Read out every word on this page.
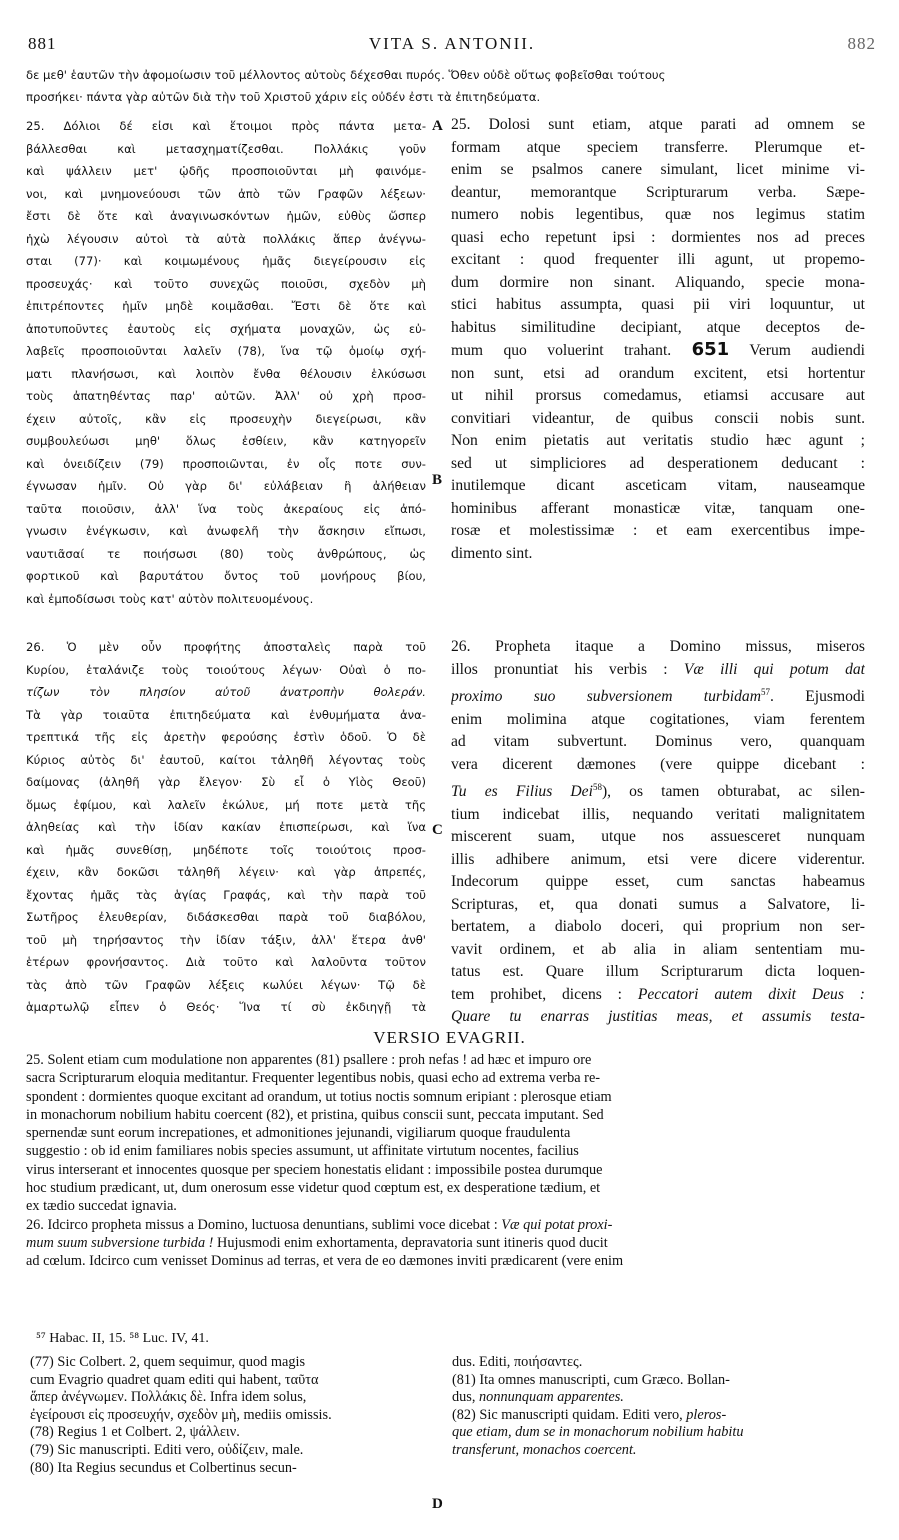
881	VITA S. ANTONII.	882
δε μεθ' ἑαυτῶν τὴν ἀφομοίωσιν τοῦ μέλλοντος αὐτοὺς δέχεσθαι πυρός. Ὅθεν οὐδὲ οὕτως φοβεῖσθαι τούτους
προσήκει· πάντα γὰρ αὐτῶν διὰ τὴν τοῦ Χριστοῦ χάριν εἰς οὐδέν ἐστι τὰ ἐπιτηδεύματα.
25. Δόλιοι δέ εἰσι καὶ ἕτοιμοι πρὸς πάντα μετα-
βάλλεσθαι καὶ μετασχηματίζεσθαι. Πολλάκις γοῦν
καὶ ψάλλειν μετ' ᾠδῆς προσποιοῦνται μὴ φαινόμε-
νοι, καὶ μνημονεύουσι τῶν ἀπὸ τῶν Γραφῶν λέξεων·
ἔστι δὲ ὅτε καὶ ἀναγινωσκόντων ἡμῶν, εὐθὺς ὥσπερ
ἠχὼ λέγουσιν αὐτοὶ τὰ αὐτὰ πολλάκις ἅπερ ἀνέγνω-
σται (77)· καὶ κοιμωμένους ἡμᾶς διεγείρουσιν εἰς
προσευχάς· καὶ τοῦτο συνεχῶς ποιοῦσι, σχεδὸν μὴ
ἐπιτρέποντες ἡμῖν μηδὲ κοιμᾶσθαι. Ἔστι δὲ ὅτε καὶ
ἀποτυποῦντες ἑαυτοὺς εἰς σχήματα μοναχῶν, ὡς εὐ-
λαβεῖς προσποιοῦνται λαλεῖν (78), ἵνα τῷ ὁμοίῳ σχή-
ματι πλανήσωσι, καὶ λοιπὸν ἔνθα θέλουσιν ἑλκύσωσι
τοὺς ἀπατηθέντας παρ' αὐτῶν. Ἀλλ' οὐ χρὴ προσ-
έχειν αὐτοῖς, κἂν εἰς προσευχὴν διεγείρωσι, κἂν
συμβουλεύωσι μηθ' ὅλως ἐσθίειν, κἂν κατηγορεῖν
καὶ ὀνειδίζειν (79) προσποιῶνται, ἐν οἷς ποτε συν-
έγνωσαν ἡμῖν. Οὐ γὰρ δι' εὐλάβειαν ἢ ἀλήθειαν
ταῦτα ποιοῦσιν, ἀλλ' ἵνα τοὺς ἀκεραίους εἰς ἀπό-
γνωσιν ἐνέγκωσιν, καὶ ἀνωφελῆ τὴν ἄσκησιν εἴπωσι,
ναυτιᾶσαί τε ποιήσωσι (80) τοὺς ἀνθρώπους, ὡς
φορτικοῦ καὶ βαρυτάτου ὄντος τοῦ μονήρους βίου,
καὶ ἐμποδίσωσι τοὺς κατ' αὐτὸν πολιτευομένους.
26. Ὁ μὲν οὖν προφήτης ἀποσταλεὶς παρὰ τοῦ
Κυρίου, ἐταλάνιζε τοὺς τοιούτους λέγων· Οὐαὶ ὁ πο-
τίζων τὸν πλησίον αὐτοῦ ἀνατροπὴν θολεράν.
Τὰ γὰρ τοιαῦτα ἐπιτηδεύματα καὶ ἐνθυμήματα ἀνα-
τρεπτικά τῆς εἰς ἀρετὴν φερούσης ἐστὶν ὁδοῦ. Ὁ δὲ
Κύριος αὐτὸς δι' ἑαυτοῦ, καίτοι τἀληθῆ λέγοντας τοὺς
δαίμονας (ἀληθῆ γὰρ ἔλεγον· Σὺ εἶ ὁ Υἱὸς Θεοῦ)
ὅμως ἐφίμου, καὶ λαλεῖν ἐκώλυε, μή ποτε μετὰ τῆς
ἀληθείας καὶ τὴν ἰδίαν κακίαν ἐπισπείρωσι, καὶ ἵνα
καὶ ἡμᾶς συνεθίσῃ, μηδέποτε τοῖς τοιούτοις προσ-
έχειν, κἂν δοκῶσι τἀληθῆ λέγειν· καὶ γὰρ ἀπρεπές,
ἔχοντας ἡμᾶς τὰς ἁγίας Γραφάς, καὶ τὴν παρὰ τοῦ
Σωτῆρος ἐλευθερίαν, διδάσκεσθαι παρὰ τοῦ διαβόλου,
τοῦ μὴ τηρήσαντος τὴν ἰδίαν τάξιν, ἀλλ' ἕτερα ἀνθ'
ἑτέρων φρονήσαντος. Διὰ τοῦτο καὶ λαλοῦντα τοῦτον
τὰς ἀπὸ τῶν Γραφῶν λέξεις κωλύει λέγων· Τῷ δὲ
ἁμαρτωλῷ εἶπεν ὁ Θεός· Ἵνα τί σὺ ἐκδιηγῇ τὰ
A
B
C
D
25. Dolosi sunt etiam, atque parati ad omnem se
formam atque speciem transferre. Plerumque et-
enim se psalmos canere simulant, licet minime vi-
deantur, memorantque Scripturarum verba. Sæpe-
numero nobis legentibus, quæ nos legimus statim
quasi echo repetunt ipsi : dormientes nos ad preces
excitant : quod frequenter illi agunt, ut propemo-
dum dormire non sinant. Aliquando, specie mona-
stici habitus assumpta, quasi pii viri loquuntur, ut
habitus similitudine decipiant, atque deceptos de-
mum quo voluerint trahant. 651 Verum audiendi
non sunt, etsi ad orandum excitent, etsi hortentur
ut nihil prorsus comedamus, etiamsi accusare aut
convitiari videantur, de quibus conscii nobis sunt.
Non enim pietatis aut veritatis studio hæc agunt ;
sed ut simpliciores ad desperationem deducant :
inutilemque dicant asceticam vitam, nauseamque
hominibus afferant monasticæ vitæ, tanquam one-
rosæ et molestissimæ : et eam exercentibus impe-
dimento sint.
26. Propheta itaque a Domino missus, miseros
illos pronuntiat his verbis : Væ illi qui potum dat
proximo suo subversionem turbidam$^{57}$. Ejusmodi
enim molimina atque cogitationes, viam ferentem
ad vitam subvertunt. Dominus vero, quanquam
vera dicerent dæmones (vere quippe dicebant :
Tu es Filius Dei$^{58}$), os tamen obturabat, ac silen-
tium indicebat illis, nequando veritati malignitatem
miscerent suam, utque nos assuesceret nunquam
illis adhibere animum, etsi vere dicere viderentur.
Indecorum quippe esset, cum sanctas habeamus
Scripturas, et, qua donati sumus a Salvatore, li-
bertatem, a diabolo doceri, qui proprium non ser-
vavit ordinem, et ab alia in aliam sententiam mu-
tatus est. Quare illum Scripturarum dicta loquen-
tem prohibet, dicens : Peccatori autem dixit Deus :
Quare tu enarras justitias meas, et assumis testa-
VERSIO EVAGRII.
25. Solent etiam cum modulatione non apparentes (81) psallere : proh nefas ! ad hæc et impuro ore
sacra Scripturarum eloquia meditantur. Frequenter legentibus nobis, quasi echo ad extrema verba re-
spondent : dormientes quoque excitant ad orandum, ut totius noctis somnum eripiant : plerosque etiam
in monachorum nobilium habitu coercent (82), et pristina, quibus conscii sunt, peccata imputant. Sed
spernendæ sunt eorum increpationes, et admonitiones jejunandi, vigiliarum quoque fraudulenta
suggestio : ob id enim familiares nobis species assumunt, ut affinitate virtutum nocentes, facilius
virus interserant et innocentes quosque per speciem honestatis elidant : impossibile postea durumque
hoc studium prædicant, ut, dum onerosum esse videtur quod cœptum est, ex desperatione tædium, et
ex tædio succedat ignavia.
26. Idcirco propheta missus a Domino, luctuosa denuntians, sublimi voce dicebat : Væ qui potat proxi-
mum suum subversione turbida ! Hujusmodi enim exhortamenta, depravatoria sunt itineris quod ducit
ad cœlum. Idcirco cum venisset Dominus ad terras, et vera de eo dæmones inviti prædicarent (vere enim
⁵⁷ Habac. II, 15. ⁵⁸ Luc. IV, 41.
(77) Sic Colbert. 2, quem sequimur, quod magis
cum Evagrio quadret quam editi qui habent, ταῦτα
ἅπερ ἀνέγνωμεν. Πολλάκις δὲ. Infra idem solus,
ἐγείρουσι εἰς προσευχήν, σχεδὸν μὴ, mediis omissis.
(78) Regius 1 et Colbert. 2, ψάλλειν.
(79) Sic manuscripti. Editi vero, οὐδίζειν, male.
(80) Ita Regius secundus et Colbertinus secun-
dus. Editi, ποιήσαντες.
(81) Ita omnes manuscripti, cum Græco. Bollan-
dus, nonnunquam apparentes.
(82) Sic manuscripti quidam. Editi vero, pleros-
que etiam, dum se in monachorum nobilium habitu
transferunt, monachos coercent.
